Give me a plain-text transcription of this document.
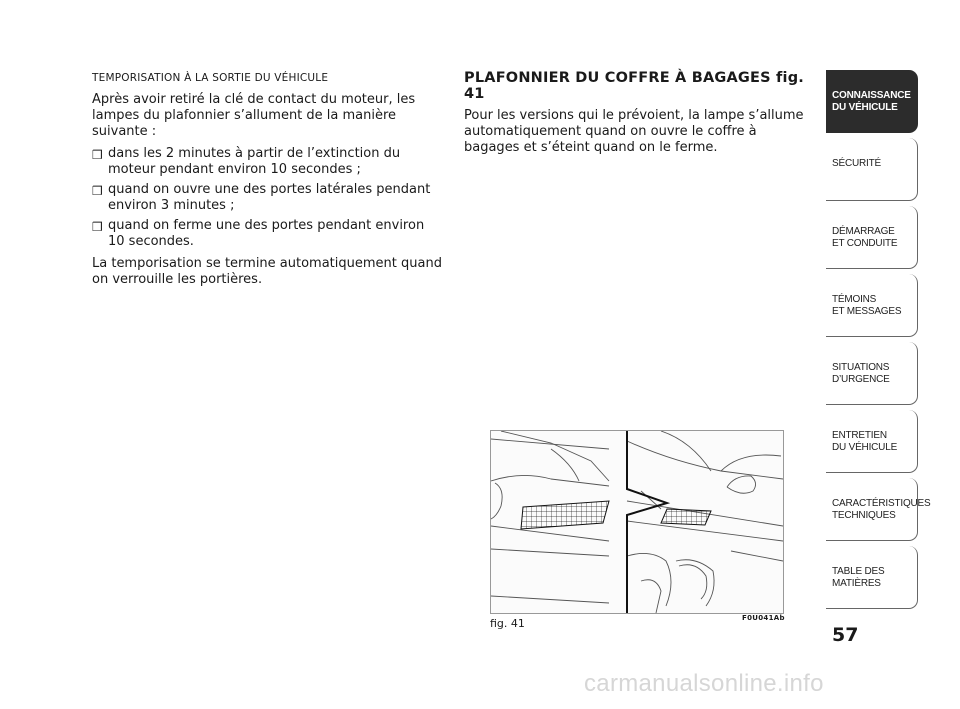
TEMPORISATION À LA SORTIE DU VÉHICULE

Après avoir retiré la clé de contact du moteur, les lampes du plafonnier s’allument de la manière suivante :

❒ dans les 2 minutes à partir de l’extinction du moteur pendant environ 10 secondes ;
❒ quand on ouvre une des portes latérales pendant environ 3 minutes ;
❒ quand on ferme une des portes pendant environ 10 secondes.

La temporisation se termine automatiquement quand on verrouille les portières.

PLAFONNIER DU COFFRE À BAGAGES fig. 41

Pour les versions qui le prévoient, la lampe s’allume automatiquement quand on ouvre le coffre à bagages et s’éteint quand on le ferme.

fig. 41	F0U041Ab
CONNAISSANCE
DU VÉHICULE
SÉCURITÉ
DÉMARRAGE
ET CONDUITE
TÉMOINS
ET MESSAGES
SITUATIONS
D’URGENCE
ENTRETIEN
DU VÉHICULE
CARACTÉRISTIQUES
TECHNIQUES
TABLE DES
MATIÈRES
57
carmanualsonline.info
